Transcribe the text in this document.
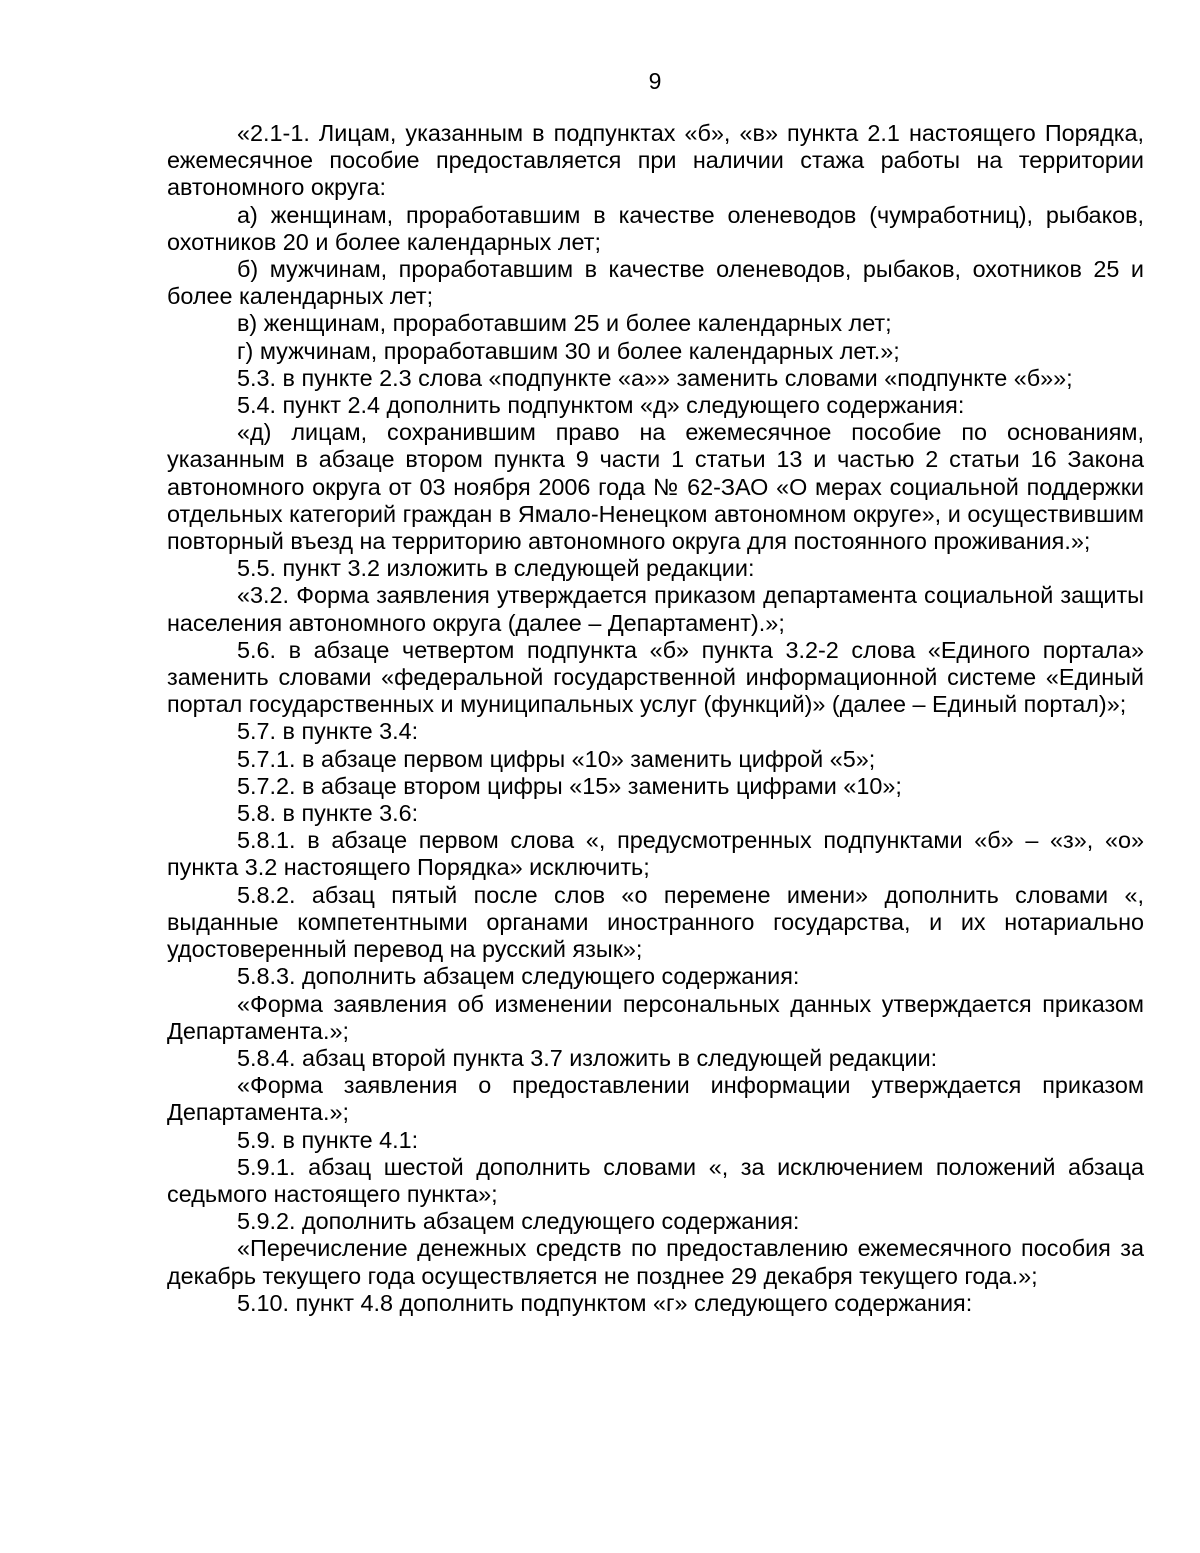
9

«2.1-1. Лицам, указанным в подпунктах «б», «в» пункта 2.1 настоящего Порядка, ежемесячное пособие предоставляется при наличии стажа работы на территории автономного округа:

а) женщинам, проработавшим в качестве оленеводов (чумработниц), рыбаков, охотников 20 и более календарных лет;

б) мужчинам, проработавшим в качестве оленеводов, рыбаков, охотников 25 и более календарных лет;

в) женщинам, проработавшим 25 и более календарных лет;

г) мужчинам, проработавшим 30 и более календарных лет.»;

5.3. в пункте 2.3 слова «подпункте «а»» заменить словами «подпункте «б»»;

5.4. пункт 2.4 дополнить подпунктом «д» следующего содержания:

«д) лицам, сохранившим право на ежемесячное пособие по основаниям, указанным в абзаце втором пункта 9 части 1 статьи 13 и частью 2 статьи 16 Закона автономного округа от 03 ноября 2006 года № 62-ЗАО «О мерах социальной поддержки отдельных категорий граждан в Ямало-Ненецком автономном округе», и осуществившим повторный въезд на территорию автономного округа для постоянного проживания.»;

5.5. пункт 3.2 изложить в следующей редакции:

«3.2. Форма заявления утверждается приказом департамента социальной защиты населения автономного округа (далее – Департамент).»;

5.6. в абзаце четвертом подпункта «б» пункта 3.2-2 слова «Единого портала» заменить словами «федеральной государственной информационной системе «Единый портал государственных и муниципальных услуг (функций)» (далее – Единый портал)»;

5.7. в пункте 3.4:

5.7.1. в абзаце первом цифры «10» заменить цифрой «5»;

5.7.2. в абзаце втором цифры «15» заменить цифрами «10»;

5.8. в пункте 3.6:

5.8.1. в абзаце первом слова «, предусмотренных подпунктами «б» – «з», «о» пункта 3.2 настоящего Порядка» исключить;

5.8.2. абзац пятый после слов «о перемене имени» дополнить словами «, выданные компетентными органами иностранного государства, и их нотариально удостоверенный перевод на русский язык»;

5.8.3. дополнить абзацем следующего содержания:

«Форма заявления об изменении персональных данных утверждается приказом Департамента.»;

5.8.4. абзац второй пункта 3.7 изложить в следующей редакции:

«Форма заявления о предоставлении информации утверждается приказом Департамента.»;

5.9. в пункте 4.1:

5.9.1. абзац шестой дополнить словами «, за исключением положений абзаца седьмого настоящего пункта»;

5.9.2. дополнить абзацем следующего содержания:

«Перечисление денежных средств по предоставлению ежемесячного пособия за декабрь текущего года осуществляется не позднее 29 декабря текущего года.»;

5.10. пункт 4.8 дополнить подпунктом «г» следующего содержания:
